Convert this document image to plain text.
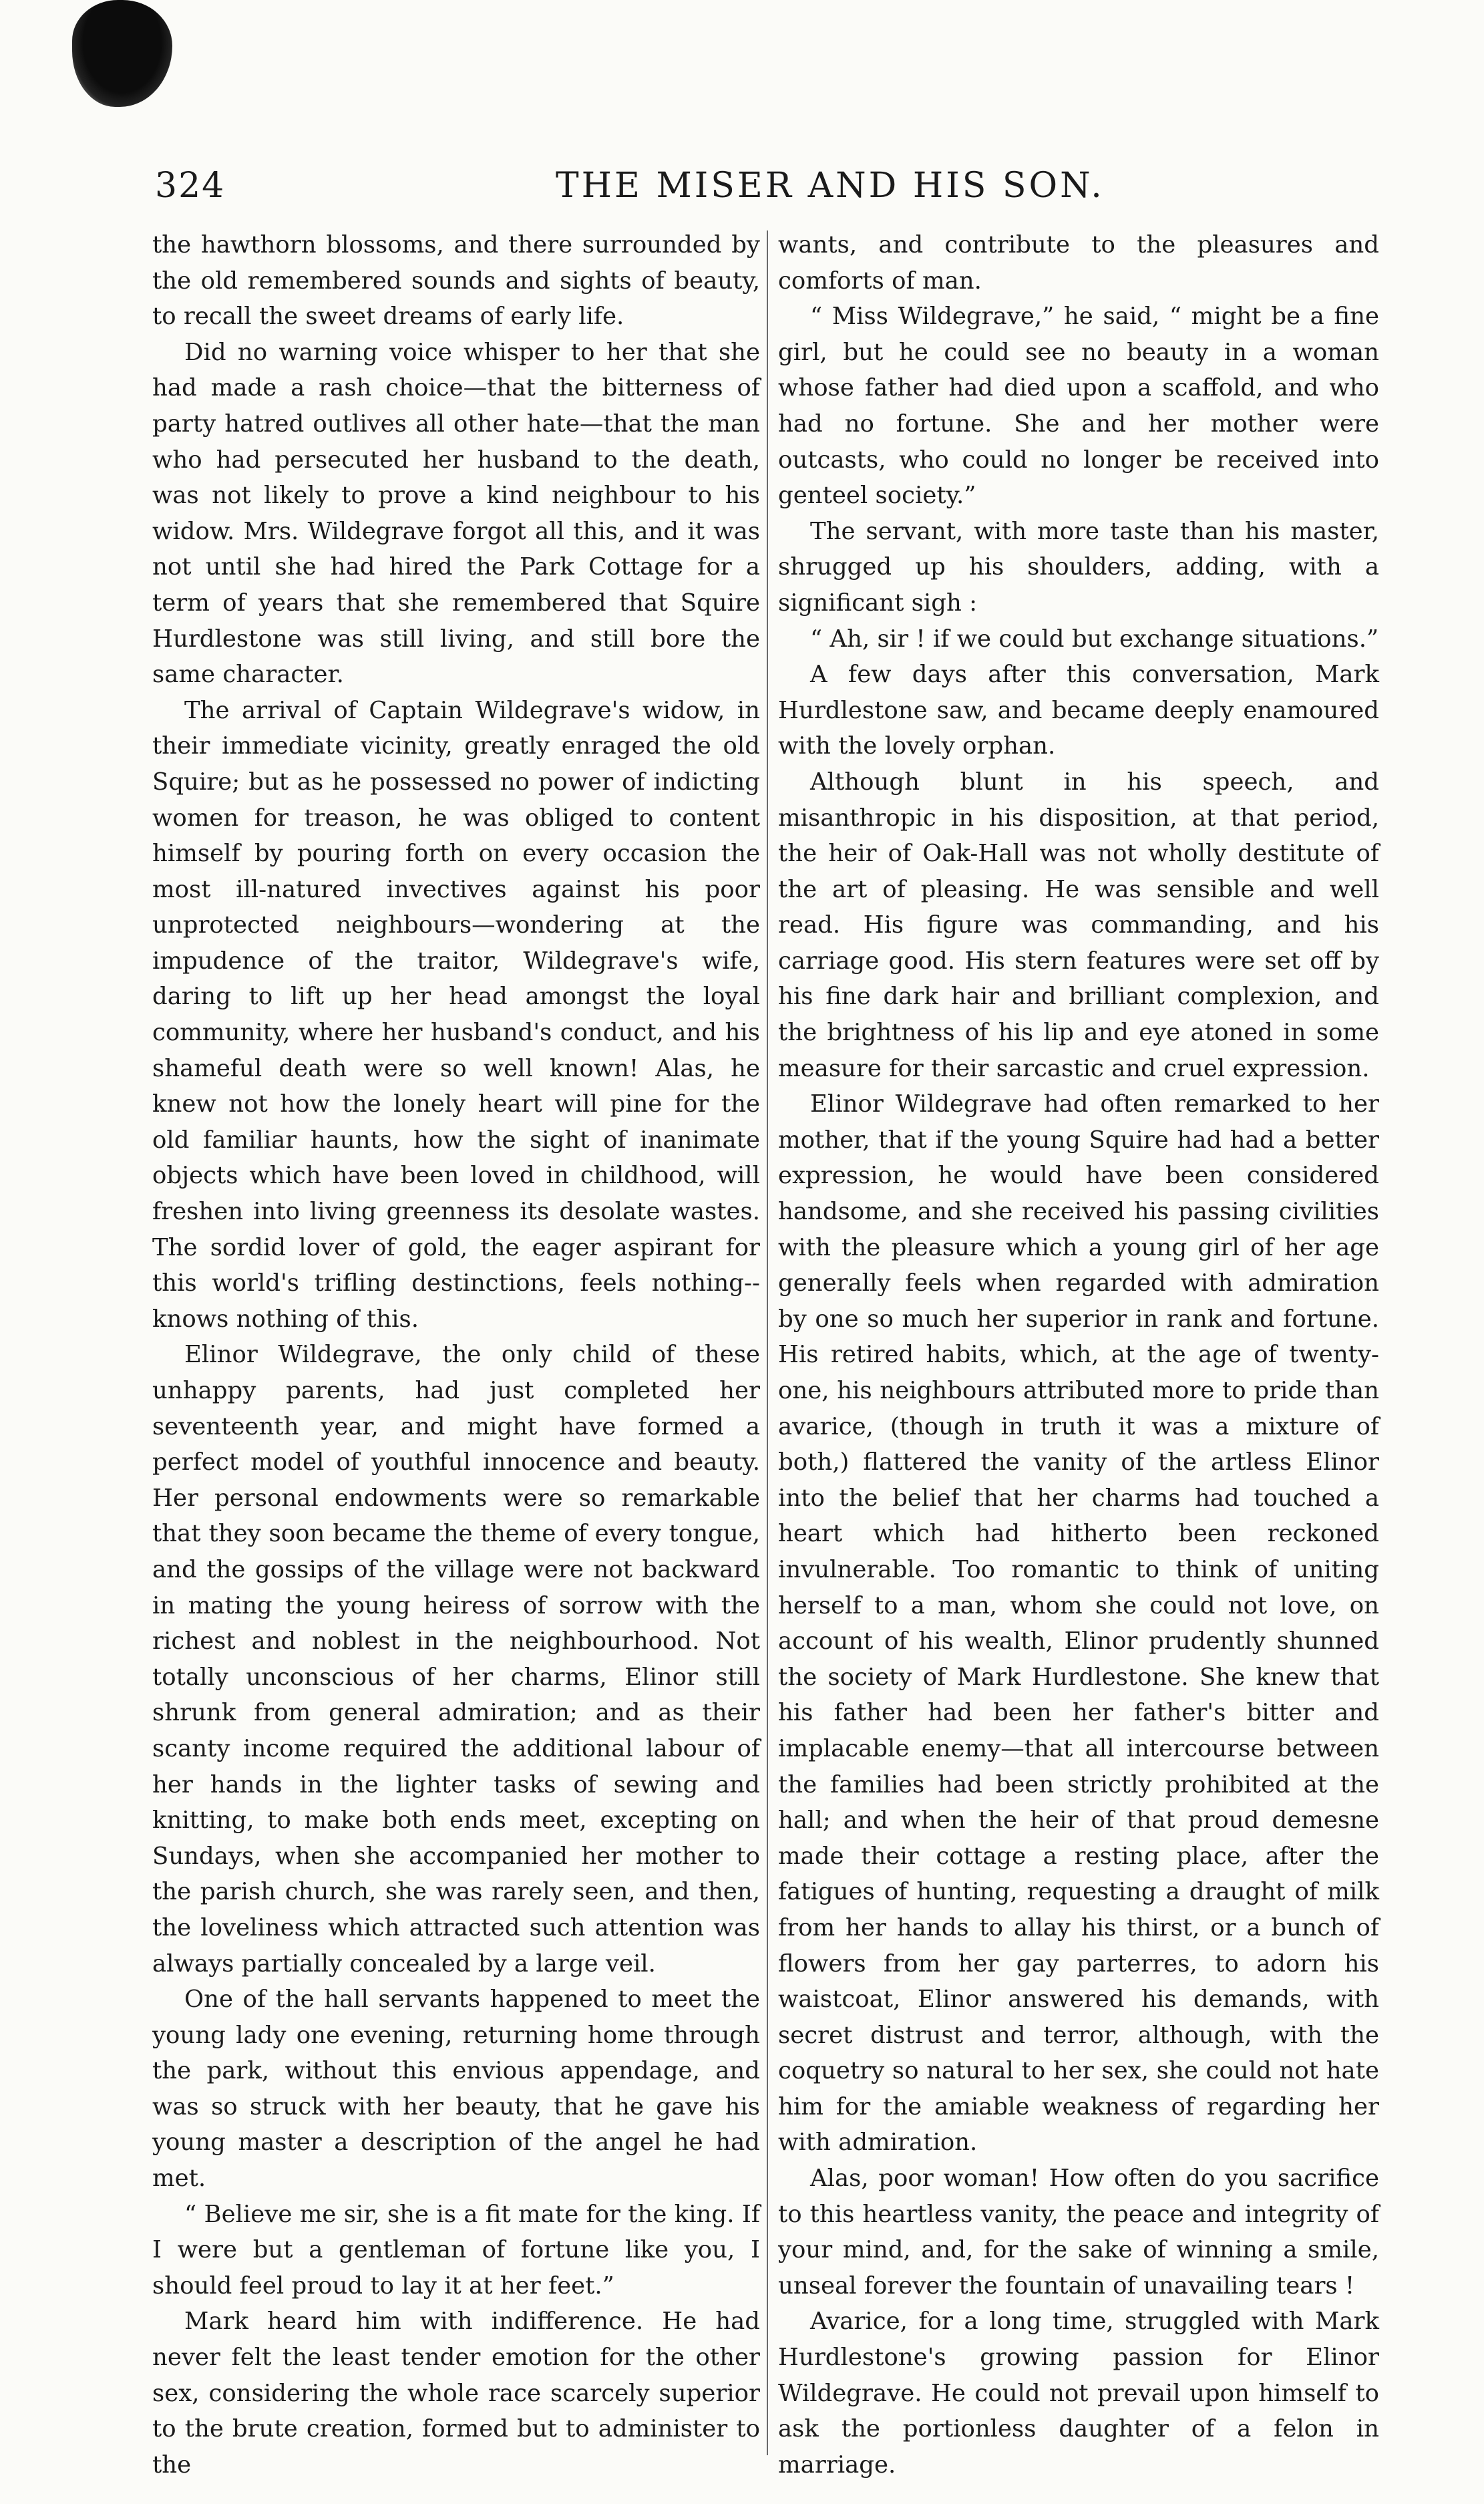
324	THE MISER AND HIS SON.

the hawthorn blossoms, and there surrounded by the old remembered sounds and sights of beauty, to recall the sweet dreams of early life.

Did no warning voice whisper to her that she had made a rash choice—that the bitterness of party hatred outlives all other hate—that the man who had persecuted her husband to the death, was not likely to prove a kind neighbour to his widow. Mrs. Wildegrave forgot all this, and it was not until she had hired the Park Cottage for a term of years that she remembered that Squire Hurdlestone was still living, and still bore the same character.

The arrival of Captain Wildegrave's widow, in their immediate vicinity, greatly enraged the old Squire; but as he possessed no power of indicting women for treason, he was obliged to content himself by pouring forth on every occasion the most ill-natured invectives against his poor unprotected neighbours—wondering at the impudence of the traitor, Wildegrave's wife, daring to lift up her head amongst the loyal community, where her husband's conduct, and his shameful death were so well known! Alas, he knew not how the lonely heart will pine for the old familiar haunts, how the sight of inanimate objects which have been loved in childhood, will freshen into living greenness its desolate wastes. The sordid lover of gold, the eager aspirant for this world's trifling destinctions, feels nothing--knows nothing of this.

Elinor Wildegrave, the only child of these unhappy parents, had just completed her seventeenth year, and might have formed a perfect model of youthful innocence and beauty. Her personal endowments were so remarkable that they soon became the theme of every tongue, and the gossips of the village were not backward in mating the young heiress of sorrow with the richest and noblest in the neighbourhood. Not totally unconscious of her charms, Elinor still shrunk from general admiration; and as their scanty income required the additional labour of her hands in the lighter tasks of sewing and knitting, to make both ends meet, excepting on Sundays, when she accompanied her mother to the parish church, she was rarely seen, and then, the loveliness which attracted such attention was always partially concealed by a large veil.

One of the hall servants happened to meet the young lady one evening, returning home through the park, without this envious appendage, and was so struck with her beauty, that he gave his young master a description of the angel he had met.

“ Believe me sir, she is a fit mate for the king. If I were but a gentleman of fortune like you, I should feel proud to lay it at her feet.”

Mark heard him with indifference. He had never felt the least tender emotion for the other sex, considering the whole race scarcely superior to the brute creation, formed but to administer to the

wants, and contribute to the pleasures and comforts of man.

“ Miss Wildegrave,” he said, “ might be a fine girl, but he could see no beauty in a woman whose father had died upon a scaffold, and who had no fortune. She and her mother were outcasts, who could no longer be received into genteel society.”

The servant, with more taste than his master, shrugged up his shoulders, adding, with a significant sigh :

“ Ah, sir ! if we could but exchange situations.”

A few days after this conversation, Mark Hurdlestone saw, and became deeply enamoured with the lovely orphan.

Although blunt in his speech, and misanthropic in his disposition, at that period, the heir of Oak-Hall was not wholly destitute of the art of pleasing. He was sensible and well read. His figure was commanding, and his carriage good. His stern features were set off by his fine dark hair and brilliant complexion, and the brightness of his lip and eye atoned in some measure for their sarcastic and cruel expression.

Elinor Wildegrave had often remarked to her mother, that if the young Squire had had a better expression, he would have been considered handsome, and she received his passing civilities with the pleasure which a young girl of her age generally feels when regarded with admiration by one so much her superior in rank and fortune. His retired habits, which, at the age of twenty-one, his neighbours attributed more to pride than avarice, (though in truth it was a mixture of both,) flattered the vanity of the artless Elinor into the belief that her charms had touched a heart which had hitherto been reckoned invulnerable. Too romantic to think of uniting herself to a man, whom she could not love, on account of his wealth, Elinor prudently shunned the society of Mark Hurdlestone. She knew that his father had been her father's bitter and implacable enemy—that all intercourse between the families had been strictly prohibited at the hall; and when the heir of that proud demesne made their cottage a resting place, after the fatigues of hunting, requesting a draught of milk from her hands to allay his thirst, or a bunch of flowers from her gay parterres, to adorn his waistcoat, Elinor answered his demands, with secret distrust and terror, although, with the coquetry so natural to her sex, she could not hate him for the amiable weakness of regarding her with admiration.

Alas, poor woman! How often do you sacrifice to this heartless vanity, the peace and integrity of your mind, and, for the sake of winning a smile, unseal forever the fountain of unavailing tears !

Avarice, for a long time, struggled with Mark Hurdlestone's growing passion for Elinor Wildegrave. He could not prevail upon himself to ask the portionless daughter of a felon in marriage.
